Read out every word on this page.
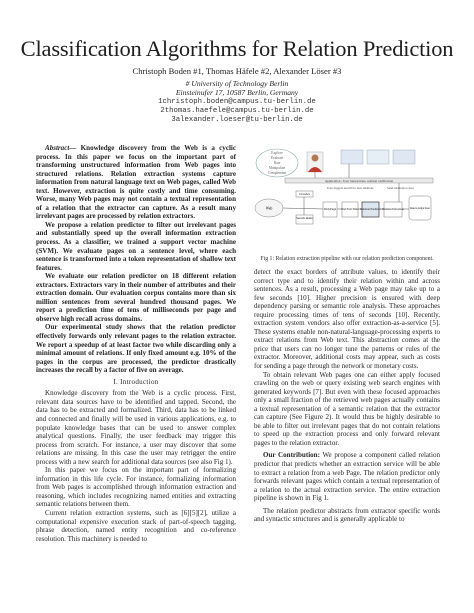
Classification Algorithms for Relation Prediction
Christoph Boden #1, Thomas Häfele #2, Alexander Löser #3
# University of Technology Berlin
Einsteinufer 17, 10587 Berlin, Germany
1christoph.boden@campus.tu-berlin.de
2thomas.haefele@campus.tu-berlin.de
3alexander.loeser@tu-berlin.de

Abstract— Knowledge discovery from the Web is a cyclic process. In this paper we focus on the important part of transforming unstructured information from Web pages into structured relations. Relation extraction systems capture information from natural language text on Web pages, called Web text. However, extraction is quite costly and time consuming. Worse, many Web pages may not contain a textual representation of a relation that the extractor can capture. As a result many irrelevant pages are processed by relation extractors.

We propose a relation predictor to filter out irrelevant pages and substantially speed up the overall information extraction process. As a classifier, we trained a support vector machine (SVM). We evaluate pages on a sentence level, where each sentence is transformed into a token representation of shallow text features.

We evaluate our relation predictor on 18 different relation extractors. Extractors vary in their number of attributes and their extraction domain. Our evaluation corpus contains more than six million sentences from several hundred thousand pages. We report a prediction time of tens of milliseconds per page and observe high recall across domains.

Our experimental study shows that the relation predictor effectively forwards only relevant pages to the relation extractor. We report a speedup of at least factor two while discarding only a minimal amount of relations. If only fixed amount e.g. 10% of the pages in the corpus are processed, the predictor drastically increases the recall by a factor of five on average.

I. Introduction

Knowledge discovery from the Web is a cyclic process. First, relevant data sources have to be identified and tapped. Second, the data has to be extracted and formalized. Third, data has to be linked and connected and finally will be used in various applications, e.g. to populate knowledge bases that can be used to answer complex analytical questions. Finally, the user feedback may trigger this process from scratch. For instance, a user may discover that some relations are missing. In this case the user may retrigger the entire process with a new search for additional data sources (see also Fig 1).

In this paper we focus on the important part of formalizing information in this life cycle. For instance, formalizing information from Web pages is accomplished through information extraction and reasoning, which includes recognizing named entities and extracting semantic relations between them.

Current relation extraction systems, such as [6][5][2], utilize a computational expensive execution stack of part-of-speech tagging, phrase detection, named entity recognition and co-reference resolution. This machinery is needed to

Explore
Evaluate
Rate
Manipulate
Complement
Application / User interactions, relation verification
User triggers search for new relations	Send relations to user
Crawler
Search index
Web	Web Page Web Text Filter Relation Predictor Relation Extraction Know-ledge base
Fig 1: Relation extraction pipeline with our relation prediction component.

detect the exact borders of attribute values, to identify their correct type and to identify their relation within and across sentences. As a result, processing a Web page may take up to a few seconds [10]. Higher precision is ensured with deep dependency parsing or semantic role analysis. These approaches require processing times of tens of seconds [10]. Recently, extraction system vendors also offer extraction-as-a-service [5]. These systems enable non-natural-language-processing experts to extract relations from Web text. This abstraction comes at the price that users can no longer tune the patterns or rules of the extractor. Moreover, additional costs may appear, such as costs for sending a page through the network or monetary costs.

To obtain relevant Web pages one can either apply focused crawling on the web or query existing web search engines with generated keywords [7]. But even with these focused approaches only a small fraction of the retrieved web pages actually contains a textual representation of a semantic relation that the extractor can capture (See Figure 2). It would thus be highly desirable to be able to filter out irrelevant pages that do not contain relations to speed up the extraction process and only forward relevant pages to the relation extractor.

Our Contribution: We propose a component called relation predictor that predicts whether an extraction service will be able to extract a relation from a web Page. The relation predictor only forwards relevant pages which contain a textual representation of a relation to the actual extraction service. The entire extraction pipeline is shown in Fig 1.

The relation predictor abstracts from extractor specific words and syntactic structures and is generally applicable to
